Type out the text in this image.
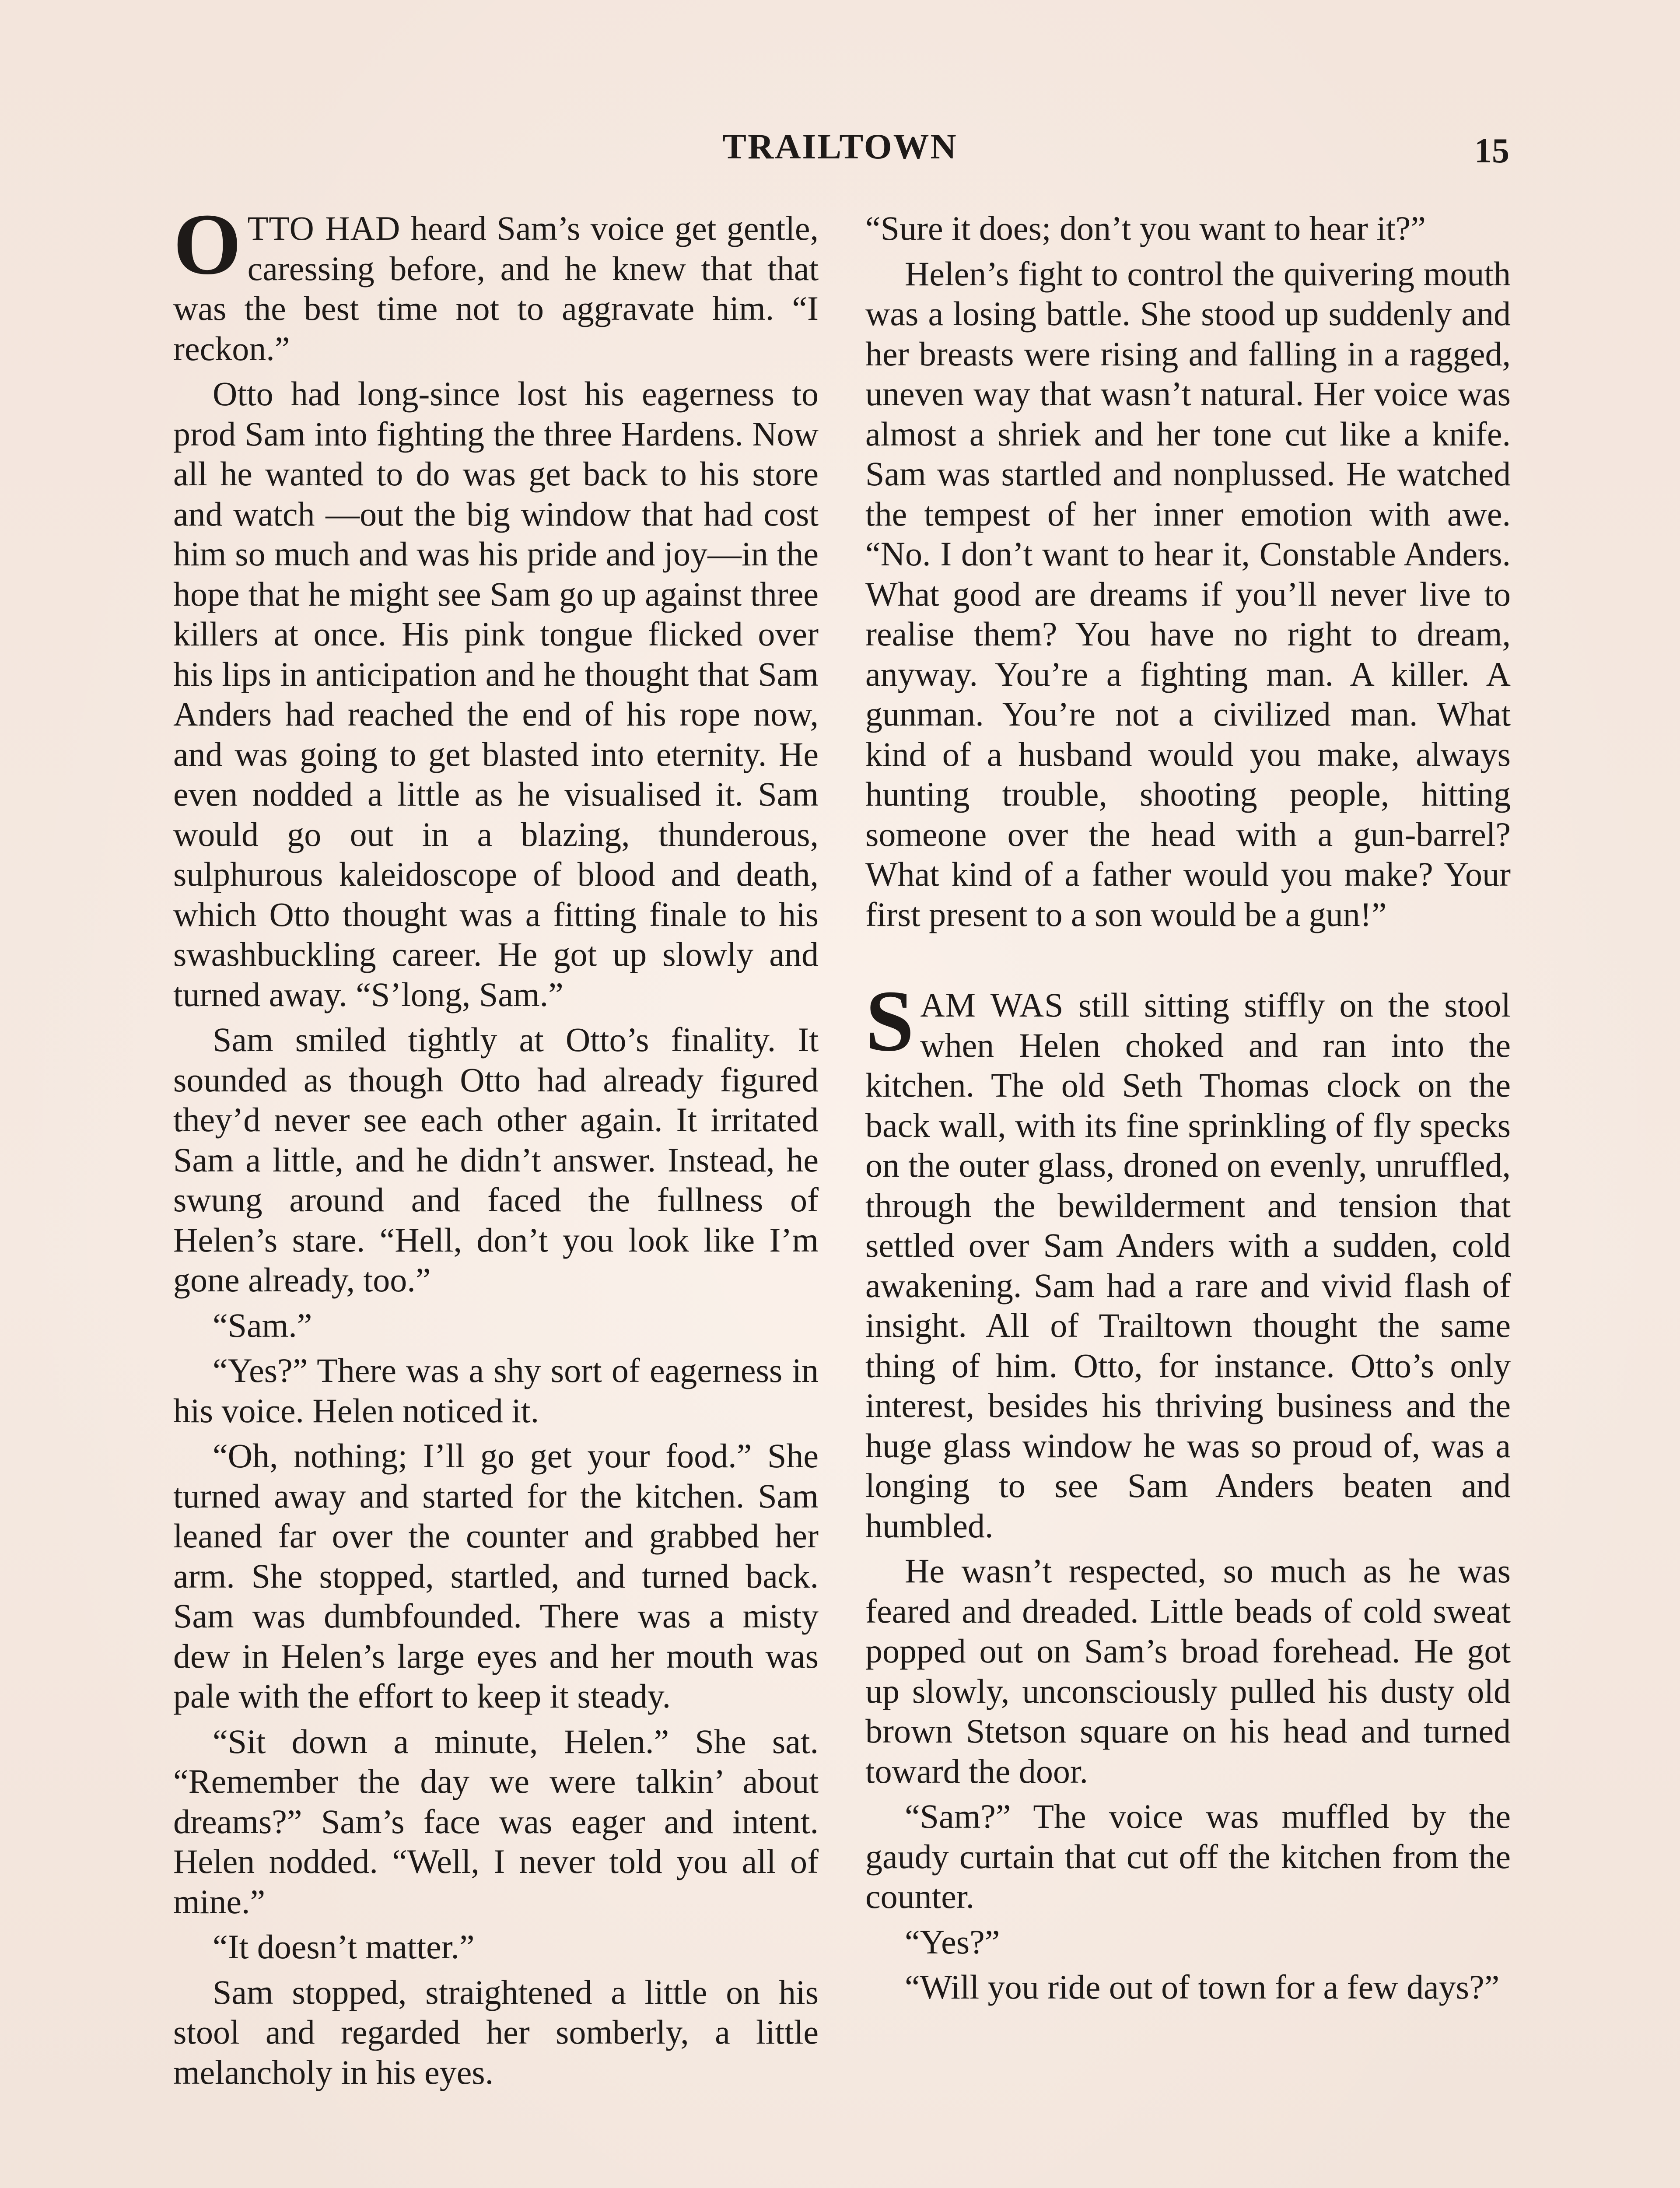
TRAILTOWN	15

OTTO HAD heard Sam’s voice get gentle, caressing before, and he knew that that was the best time not to aggravate him. “I reckon.”

Otto had long-since lost his eagerness to prod Sam into fighting the three Hardens. Now all he wanted to do was get back to his store and watch —out the big window that had cost him so much and was his pride and joy—in the hope that he might see Sam go up against three killers at once. His pink tongue flicked over his lips in anticipation and he thought that Sam Anders had reached the end of his rope now, and was going to get blasted into eternity. He even nodded a little as he visualised it. Sam would go out in a blazing, thunderous, sulphurous kaleidoscope of blood and death, which Otto thought was a fitting finale to his swashbuckling career. He got up slowly and turned away. “S’long, Sam.”

Sam smiled tightly at Otto’s finality. It sounded as though Otto had already figured they’d never see each other again. It irritated Sam a little, and he didn’t answer. Instead, he swung around and faced the fullness of Helen’s stare. “Hell, don’t you look like I’m gone already, too.”

“Sam.”

“Yes?” There was a shy sort of eagerness in his voice. Helen noticed it.

“Oh, nothing; I’ll go get your food.” She turned away and started for the kitchen. Sam leaned far over the counter and grabbed her arm. She stopped, startled, and turned back. Sam was dumbfounded. There was a misty dew in Helen’s large eyes and her mouth was pale with the effort to keep it steady.

“Sit down a minute, Helen.” She sat. “Remember the day we were talkin’ about dreams?” Sam’s face was eager and intent. Helen nodded. “Well, I never told you all of mine.”

“It doesn’t matter.”

Sam stopped, straightened a little on his stool and regarded her somberly, a little melancholy in his eyes.

“Sure it does; don’t you want to hear it?”

Helen’s fight to control the quivering mouth was a losing battle. She stood up suddenly and her breasts were rising and falling in a ragged, uneven way that wasn’t natural. Her voice was almost a shriek and her tone cut like a knife. Sam was startled and nonplussed. He watched the tempest of her inner emotion with awe. “No. I don’t want to hear it, Constable Anders. What good are dreams if you’ll never live to realise them? You have no right to dream, anyway. You’re a fighting man. A killer. A gunman. You’re not a civilized man. What kind of a husband would you make, always hunting trouble, shooting people, hitting someone over the head with a gun-barrel? What kind of a father would you make? Your first present to a son would be a gun!”

SAM WAS still sitting stiffly on the stool when Helen choked and ran into the kitchen. The old Seth Thomas clock on the back wall, with its fine sprinkling of fly specks on the outer glass, droned on evenly, unruffled, through the bewilderment and tension that settled over Sam Anders with a sudden, cold awakening. Sam had a rare and vivid flash of insight. All of Trailtown thought the same thing of him. Otto, for instance. Otto’s only interest, besides his thriving business and the huge glass window he was so proud of, was a longing to see Sam Anders beaten and humbled.

He wasn’t respected, so much as he was feared and dreaded. Little beads of cold sweat popped out on Sam’s broad forehead. He got up slowly, unconsciously pulled his dusty old brown Stetson square on his head and turned toward the door.

“Sam?” The voice was muffled by the gaudy curtain that cut off the kitchen from the counter.

“Yes?”

“Will you ride out of town for a few days?”
